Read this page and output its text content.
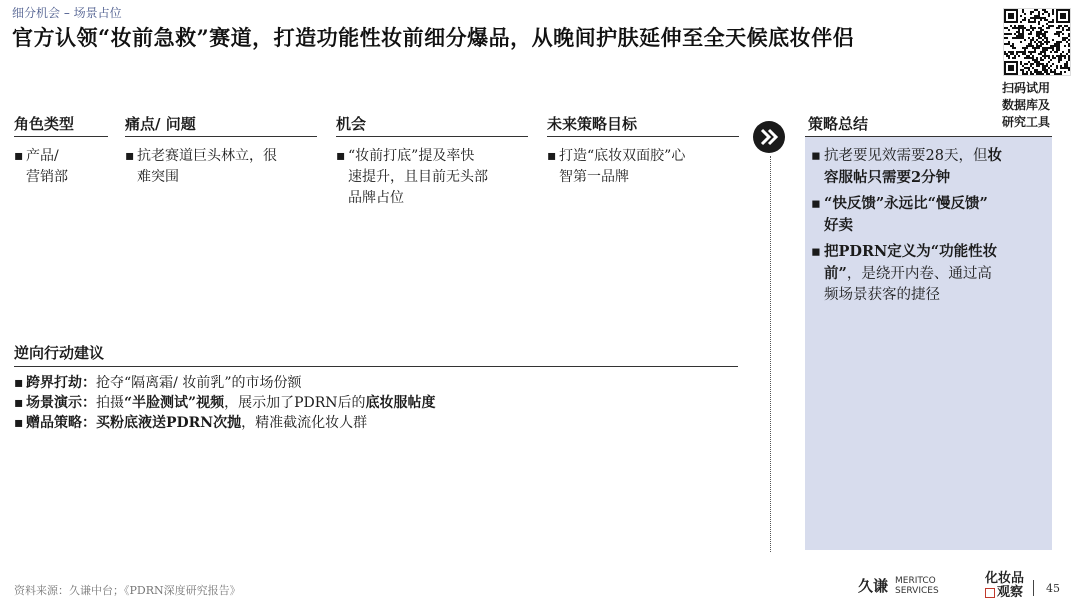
细分机会 – 场景占位
官方认领“妆前急救”赛道，打造功能性妆前细分爆品，从晚间护肤延伸至全天候底妆伴侣
扫码试用
数据库及
研究工具
角色类型
▪ 产品/
营销部
痛点/ 问题
▪ 抗老赛道巨头林立，很
难突围
机会
▪ “妆前打底”提及率快
速提升，且目前无头部
品牌占位
未来策略目标
▪ 打造“底妆双面胶”心
智第一品牌
策略总结
▪ 抗老要见效需要28天，但妆
容服帖只需要2分钟
▪ “快反馈”永远比“慢反馈”
好卖
▪ 把PDRN定义为“功能性妆
前”，是绕开内卷、通过高
频场景获客的捷径
逆向行动建议
▪ 跨界打劫：抢夺“隔离霜/ 妆前乳”的市场份额
▪ 场景演示：拍摄“半脸测试”视频，展示加了PDRN后的底妆服帖度
▪ 赠品策略：买粉底液送PDRN次抛，精准截流化妆人群
资料来源：久谦中台；《PDRN深度研究报告》	久谦 MERITCO
SERVICES
化妆品
观察 45
